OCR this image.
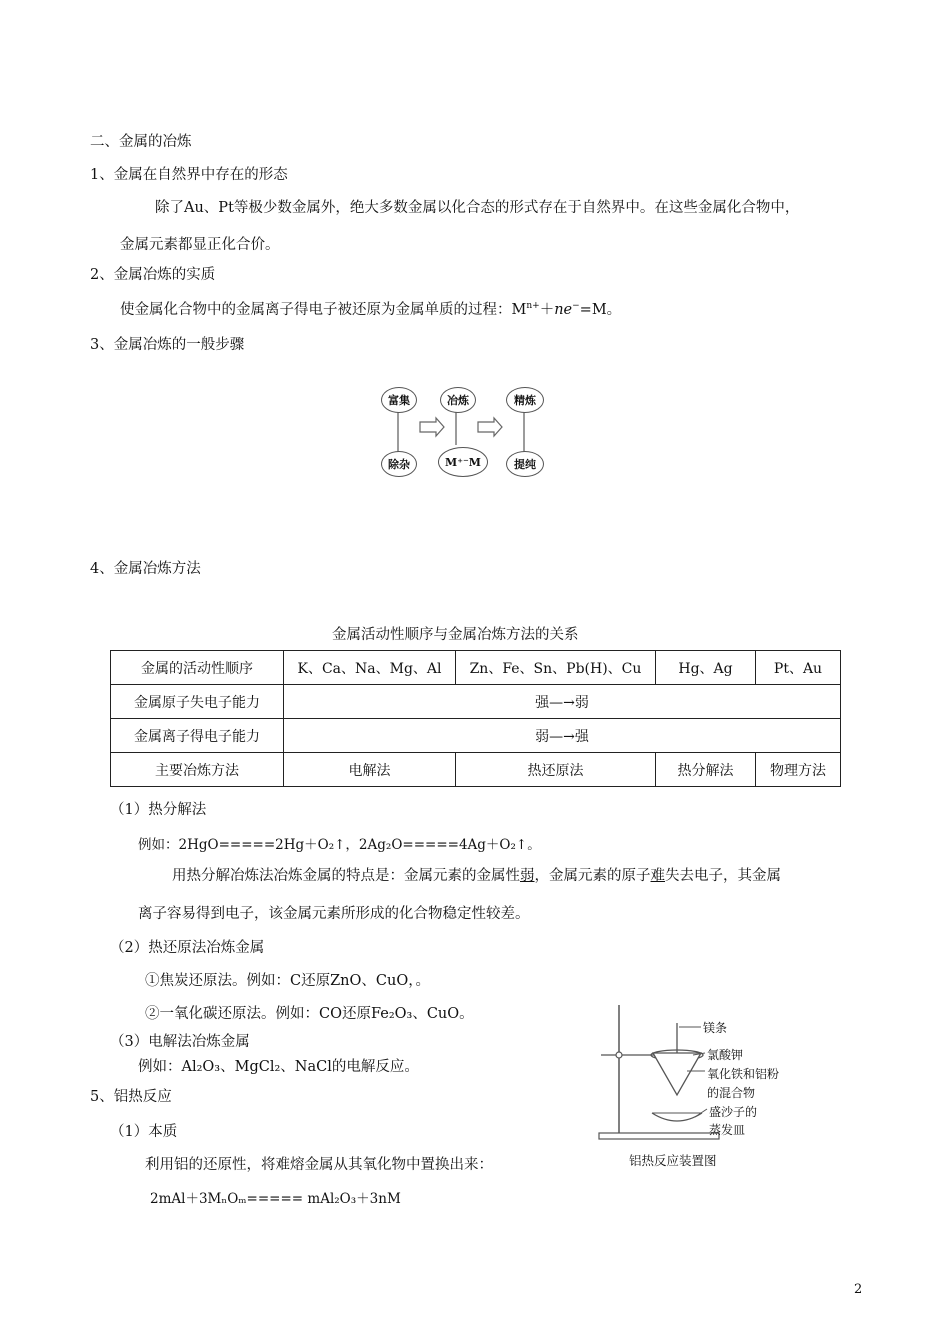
二、金属的冶炼
1、金属在自然界中存在的形态
除了Au、Pt等极少数金属外，绝大多数金属以化合态的形式存在于自然界中。在这些金属化合物中，
金属元素都显正化合价。
2、金属冶炼的实质
使金属化合物中的金属离子得电子被还原为金属单质的过程：$M^{n+}+ne^-=M$。
3、金属冶炼的一般步骤
富集	冶炼	精炼
除杂	M⁺⁻M	提纯
4、金属冶炼方法
金属活动性顺序与金属冶炼方法的关系
金属的活动性顺序	K、Ca、Na、Mg、Al	Zn、Fe、Sn、Pb(H)、Cu	Hg、Ag	Pt、Au
金属原子失电子能力	强—→弱			
金属离子得电子能力	弱—→强			
主要冶炼方法	电解法	热还原法	热分解法	物理方法
（1）热分解法
例如：2HgO=====2Hg＋O₂↑，2Ag₂O=====4Ag＋O₂↑。
用热分解冶炼法冶炼金属的特点是：金属元素的金属性弱，金属元素的原子难失去电子，其金属
离子容易得到电子，该金属元素所形成的化合物稳定性较差。
（2）热还原法冶炼金属
①焦炭还原法。例如：C还原ZnO、CuO，。
②一氧化碳还原法。例如：CO还原Fe₂O₃、CuO。
（3）电解法冶炼金属
例如：Al₂O₃、MgCl₂、NaCl的电解反应。
5、铝热反应
（1）本质
利用铝的还原性，将难熔金属从其氧化物中置换出来：
2mAl＋3MₙOₘ===== mAl₂O₃＋3nM
镁条
氯酸钾
氧化铁和铝粉
的混合物
盛沙子的
蒸发皿
铝热反应装置图
2
